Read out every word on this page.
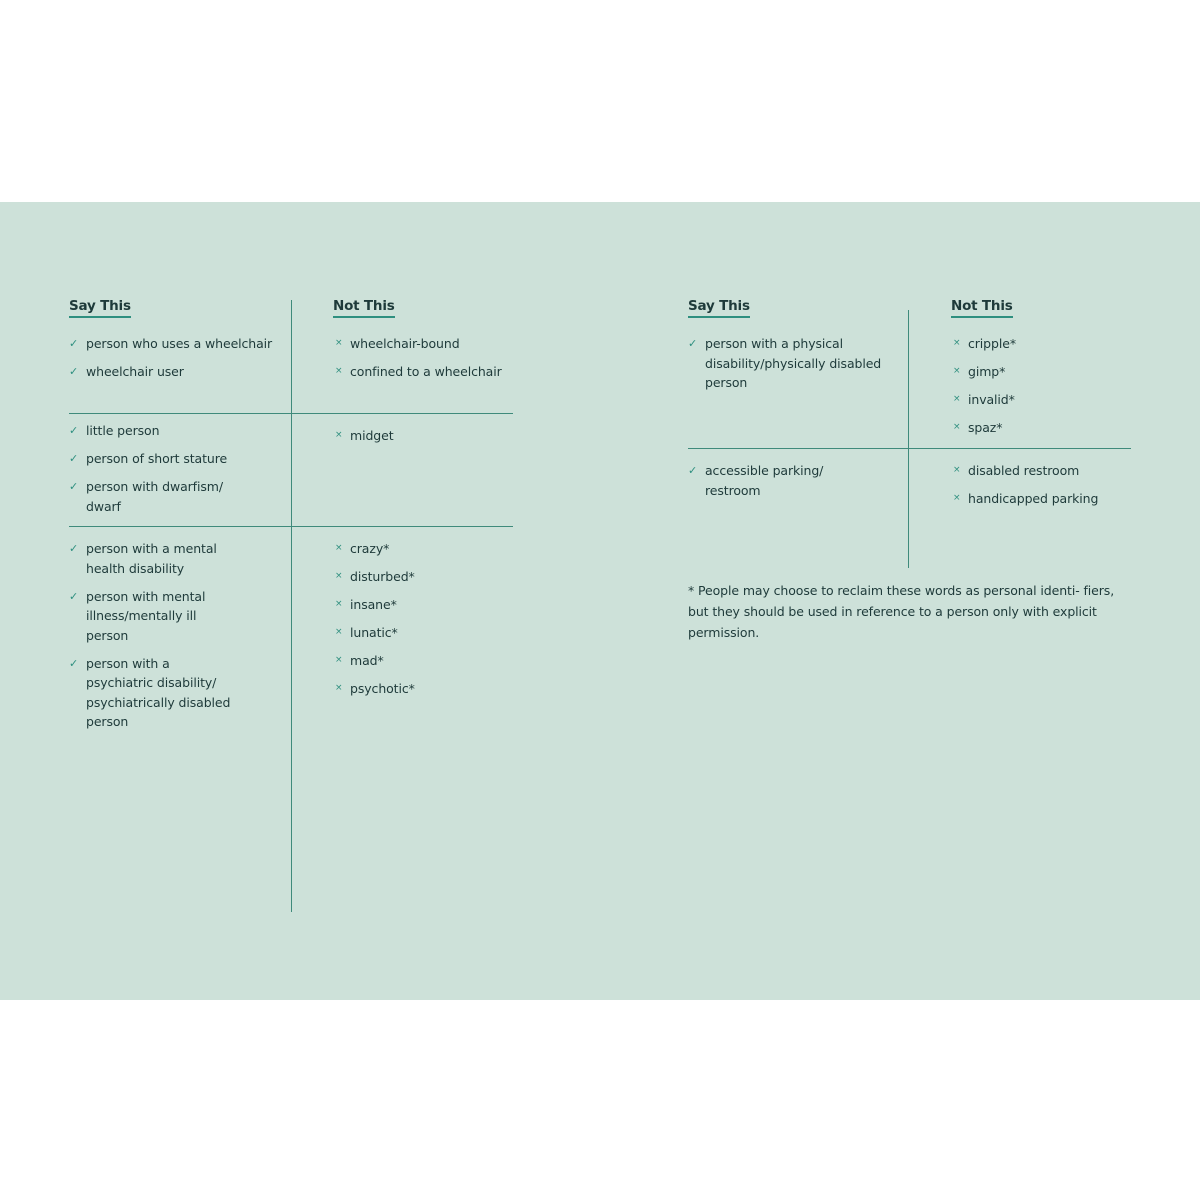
Say This	Not This
✓ person who uses a wheelchair
✓ wheelchair user
× wheelchair-bound
× confined to a wheelchair
✓ little person
✓ person of short stature
✓ person with dwarfism/ dwarf
× midget
✓ person with a mental health disability
✓ person with mental illness/mentally ill person
✓ person with a psychiatric disability/ psychiatrically disabled person
× crazy*
× disturbed*
× insane*
× lunatic*
× mad*
× psychotic*
Say This	Not This
✓ person with a physical disability/physically disabled person
× cripple*
× gimp*
× invalid*
× spaz*
✓ accessible parking/ restroom
× disabled restroom
× handicapped parking
* People may choose to reclaim these words as personal identi- fiers, but they should be used in reference to a person only with explicit permission.
